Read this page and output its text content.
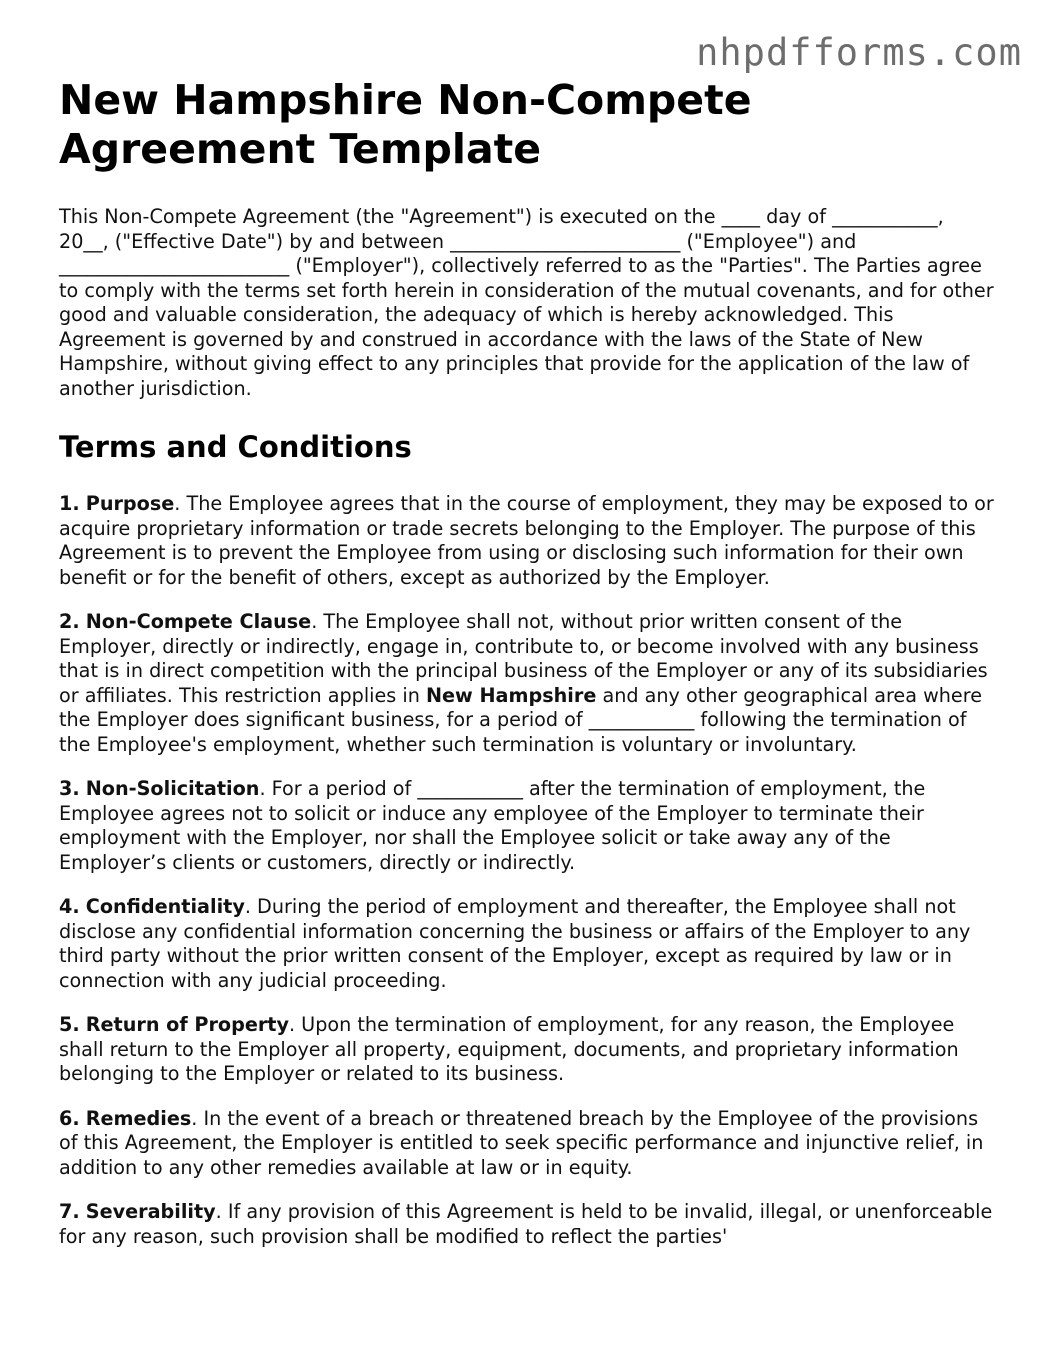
nhpdfforms.com
New Hampshire Non-Compete Agreement Template

This Non-Compete Agreement (the "Agreement") is executed on the ____ day of ___________, 20__, ("Effective Date") by and between ________________________ ("Employee") and ________________________ ("Employer"), collectively referred to as the "Parties". The Parties agree to comply with the terms set forth herein in consideration of the mutual covenants, and for other good and valuable consideration, the adequacy of which is hereby acknowledged. This Agreement is governed by and construed in accordance with the laws of the State of New Hampshire, without giving effect to any principles that provide for the application of the law of another jurisdiction.

Terms and Conditions

1. Purpose. The Employee agrees that in the course of employment, they may be exposed to or acquire proprietary information or trade secrets belonging to the Employer. The purpose of this Agreement is to prevent the Employee from using or disclosing such information for their own benefit or for the benefit of others, except as authorized by the Employer.

2. Non-Compete Clause. The Employee shall not, without prior written consent of the Employer, directly or indirectly, engage in, contribute to, or become involved with any business that is in direct competition with the principal business of the Employer or any of its subsidiaries or affiliates. This restriction applies in New Hampshire and any other geographical area where the Employer does significant business, for a period of ___________ following the termination of the Employee's employment, whether such termination is voluntary or involuntary.

3. Non-Solicitation. For a period of ___________ after the termination of employment, the Employee agrees not to solicit or induce any employee of the Employer to terminate their employment with the Employer, nor shall the Employee solicit or take away any of the Employer’s clients or customers, directly or indirectly.

4. Confidentiality. During the period of employment and thereafter, the Employee shall not disclose any confidential information concerning the business or affairs of the Employer to any third party without the prior written consent of the Employer, except as required by law or in connection with any judicial proceeding.

5. Return of Property. Upon the termination of employment, for any reason, the Employee shall return to the Employer all property, equipment, documents, and proprietary information belonging to the Employer or related to its business.

6. Remedies. In the event of a breach or threatened breach by the Employee of the provisions of this Agreement, the Employer is entitled to seek specific performance and injunctive relief, in addition to any other remedies available at law or in equity.

7. Severability. If any provision of this Agreement is held to be invalid, illegal, or unenforceable for any reason, such provision shall be modified to reflect the parties'
